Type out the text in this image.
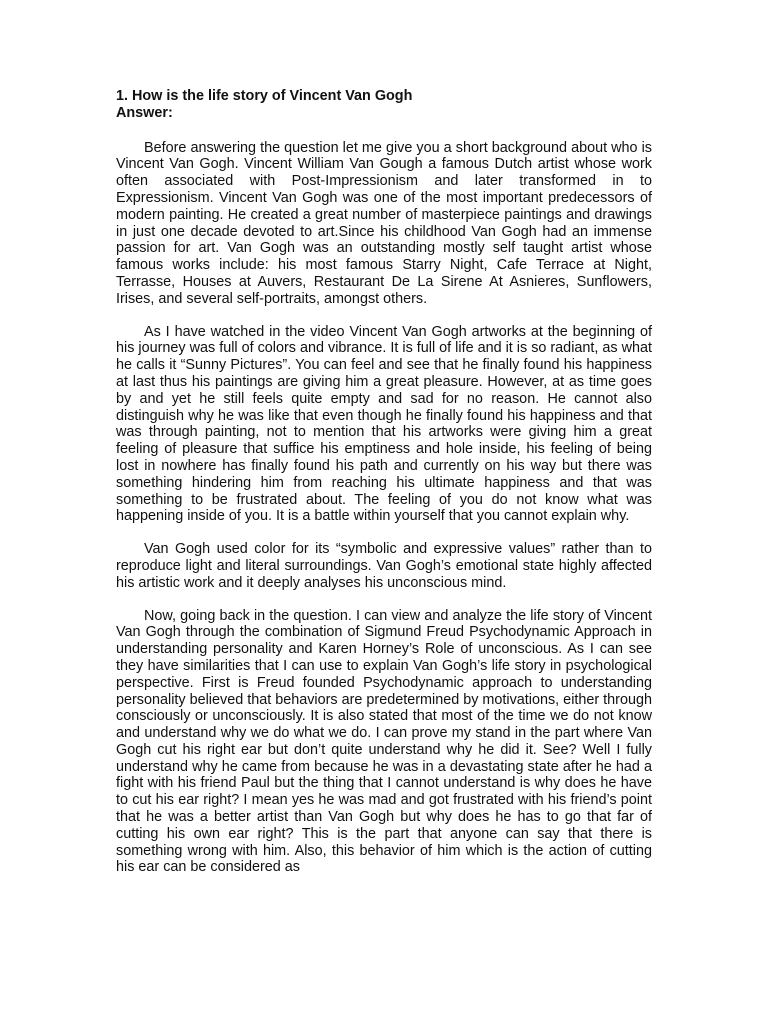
1. How is the life story of Vincent Van Gogh

Answer:

Before answering the question let me give you a short background about who is Vincent Van Gogh. Vincent William Van Gough a famous Dutch artist whose work often associated with Post-Impressionism and later transformed in to Expressionism. Vincent Van Gogh was one of the most important predecessors of modern painting. He created a great number of masterpiece paintings and drawings in just one decade devoted to art.Since his childhood Van Gogh had an immense passion for art. Van Gogh was an outstanding mostly self taught artist whose famous works include: his most famous Starry Night, Cafe Terrace at Night, Terrasse, Houses at Auvers, Restaurant De La Sirene At Asnieres, Sunflowers, Irises, and several self-portraits, amongst others.

As I have watched in the video Vincent Van Gogh artworks at the beginning of his journey was full of colors and vibrance. It is full of life and it is so radiant, as what he calls it “Sunny Pictures”. You can feel and see that he finally found his happiness at last thus his paintings are giving him a great pleasure. However, at as time goes by and yet he still feels quite empty and sad for no reason. He cannot also distinguish why he was like that even though he finally found his happiness and that was through painting, not to mention that his artworks were giving him a great feeling of pleasure that suffice his emptiness and hole inside, his feeling of being lost in nowhere has finally found his path and currently on his way but there was something hindering him from reaching his ultimate happiness and that was something to be frustrated about. The feeling of you do not know what was happening inside of you. It is a battle within yourself that you cannot explain why.

Van Gogh used color for its “symbolic and expressive values” rather than to reproduce light and literal surroundings. Van Gogh’s emotional state highly affected his artistic work and it deeply analyses his unconscious mind.

Now, going back in the question. I can view and analyze the life story of Vincent Van Gogh through the combination of Sigmund Freud Psychodynamic Approach in understanding personality and Karen Horney’s Role of unconscious. As I can see they have similarities that I can use to explain Van Gogh’s life story in psychological perspective. First is Freud founded Psychodynamic approach to understanding personality believed that behaviors are predetermined by motivations, either through consciously or unconsciously. It is also stated that most of the time we do not know and understand why we do what we do. I can prove my stand in the part where Van Gogh cut his right ear but don’t quite understand why he did it. See? Well I fully understand why he came from because he was in a devastating state after he had a fight with his friend Paul but the thing that I cannot understand is why does he have to cut his ear right? I mean yes he was mad and got frustrated with his friend’s point that he was a better artist than Van Gogh but why does he has to go that far of cutting his own ear right? This is the part that anyone can say that there is something wrong with him. Also, this behavior of him which is the action of cutting his ear can be considered as
